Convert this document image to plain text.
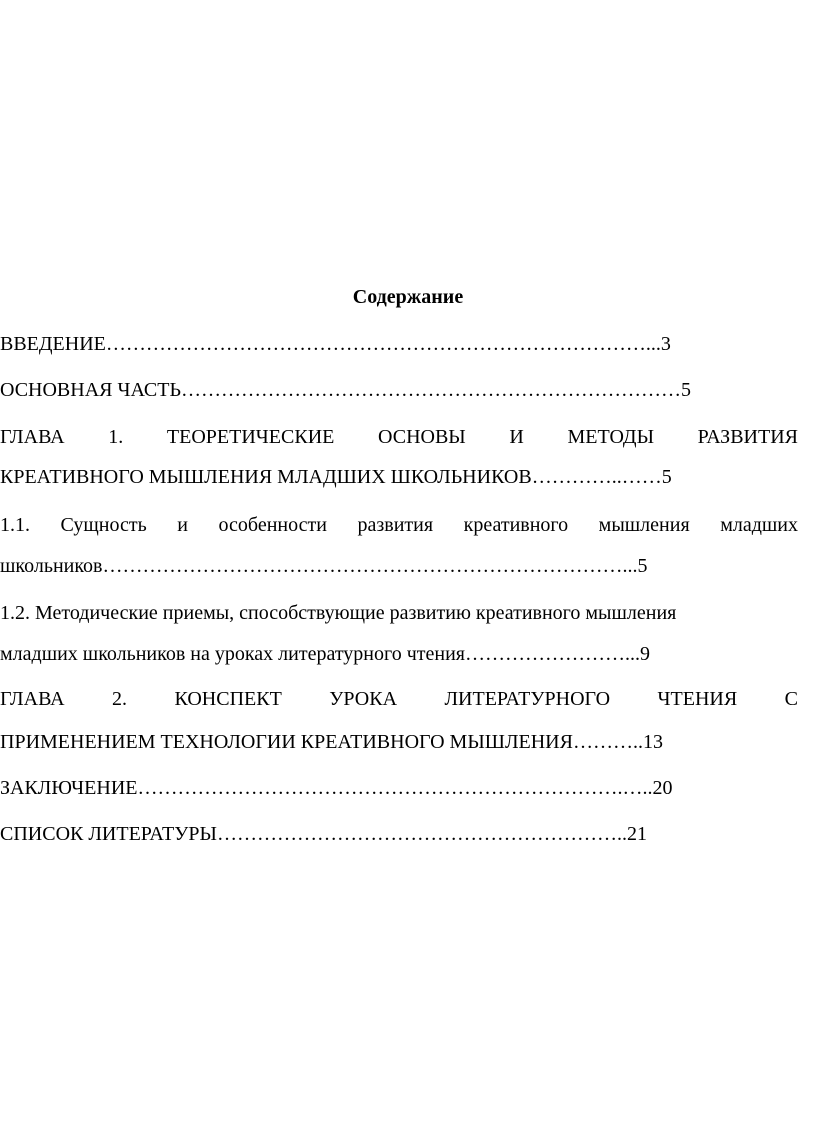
Содержание
ВВЕДЕНИЕ………………………………………………………………………...3
ОСНОВНАЯ ЧАСТЬ…………………………………………………………………5
ГЛАВА 1. ТЕОРЕТИЧЕСКИЕ ОСНОВЫ И МЕТОДЫ РАЗВИТИЯ
КРЕАТИВНОГО МЫШЛЕНИЯ МЛАДШИХ ШКОЛЬНИКОВ…………..……5
1.1. Сущность и особенности развития креативного мышления младших
школьников……………………………………………………………………...5
1.2. Методические приемы, способствующие развитию креативного мышления
младших школьников на уроках литературного чтения……………………...9
ГЛАВА 2. КОНСПЕКТ УРОКА ЛИТЕРАТУРНОГО ЧТЕНИЯ С
ПРИМЕНЕНИЕМ ТЕХНОЛОГИИ КРЕАТИВНОГО МЫШЛЕНИЯ………..13
ЗАКЛЮЧЕНИЕ……………………………………………………………….…..20
СПИСОК ЛИТЕРАТУРЫ……………………………………………………..21
